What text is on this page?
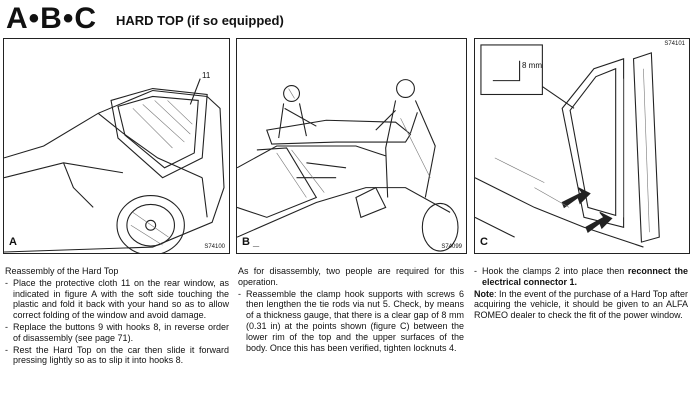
A•B•C HARD TOP (if so equipped)
11
A	S74100 B _	S74099
S74101
8 mm
C
Reassembly of the Hard Top
- Place the protective cloth 11 on the rear window, as indicated in figure A with the soft side touching the plastic and fold it back with your hand so as to allow correct folding of the window and avoid damage.
- Replace the buttons 9 with hooks 8, in reverse order of disassembly (see page 71).
- Rest the Hard Top on the car then slide it forward pressing lightly so as to slip it into hooks 8.

As for disassembly, two people are required for this operation.

- Reassemble the clamp hook supports with screws 6 then lengthen the tie rods via nut 5. Check, by means of a thickness gauge, that there is a clear gap of 8 mm (0.31 in) at the points shown (figure C) between the lower rim of the top and the upper surfaces of the body. Once this has been verified, tighten locknuts 4.
- Hook the clamps 2 into place then reconnect the electrical connector 1.

Note: In the event of the purchase of a Hard Top after acquiring the vehicle, it should be given to an ALFA ROMEO dealer to check the fit of the power window.
